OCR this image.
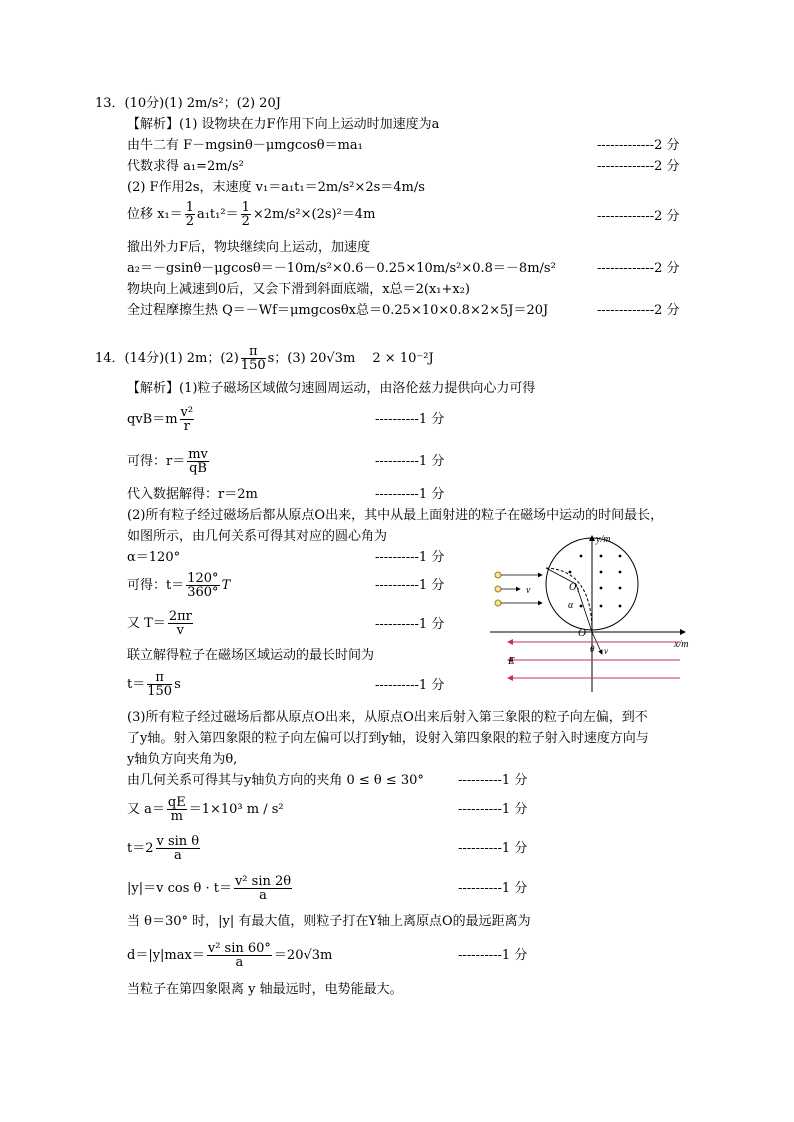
13．(10分)(1) 2m/s²；(2) 20J
【解析】(1) 设物块在力F作用下向上运动时加速度为a
由牛二有 F－mgsinθ－μmgcosθ＝ma₁	-------------2 分
代数求得 a₁=2m/s²	-------------2 分
(2) F作用2s，末速度 v₁＝a₁t₁＝2m/s²×2s＝4m/s
位移 $x_1= \frac{1}{2} a_1t_1^2= \frac{1}{2} \times 2m/s^2\times(2s)^2=4m$	-------------2 分
撤出外力F后，物块继续向上运动，加速度
a₂＝－gsinθ－μgcosθ＝－10m/s²×0.6－0.25×10m/s²×0.8＝－8m/s²	-------------2 分
物块向上减速到0后，又会下滑到斜面底端，x总＝2(x₁+x₂)
全过程摩擦生热 Q＝－Wf＝μmgcosθx总＝0.25×10×0.8×2×5J＝20J	-------------2 分
14．(14分)(1) 2m；$(2) \frac{\pi}{150}$ s；(3) 20√3m　 2 × 10⁻²J
【解析】(1)粒子磁场区域做匀速圆周运动，由洛伦兹力提供向心力可得
$qvB=m \frac{\text{v²}}{r}$	----------1 分
可得：$r= \frac{mv}{qB}$	----------1 分
代入数据解得：r＝2m	----------1 分
(2)所有粒子经过磁场后都从原点O出来，其中从最上面射进的粒子在磁场中运动的时间最长，
如图所示，由几何关系可得其对应的圆心角为
α＝120°	----------1 分
可得：$t= \frac{120^\circ}{360^\circ}$ T	----------1 分
又 $T= \frac{2\pi r}{v}$	----------1 分
联立解得粒子在磁场区域运动的最长时间为
$t= \frac{\pi}{150}$ s	----------1 分
(3)所有粒子经过磁场后都从原点O出来，从原点O出来后射入第三象限的粒子向左偏，到不
了y轴。射入第四象限的粒子向左偏可以打到y轴，设射入第四象限的粒子射入时速度方向与
y轴负方向夹角为θ,
由几何关系可得其与y轴负方向的夹角 0 ≤ θ ≤ 30°	----------1 分
又 $a= \frac{qE}{m} =1\times 10^3$ m / s²	----------1 分
$t=2 \frac{\text{v sin θ}}{a}$	----------1 分
|y|＝v $\cos \theta \cdot t= \frac{\text{v² sin 2θ}}{a}$	----------1 分
当 θ＝30° 时，|y| 有最大值，则粒子打在Y轴上离原点O的最远距离为
$d=|y|\max= \frac{\text{v² sin 60°}}{a} =20√3m$	----------1 分
当粒子在第四象限离 y 轴最远时，电势能最大。
y/m
x/m
O₁
α
v
O
θ v
E
